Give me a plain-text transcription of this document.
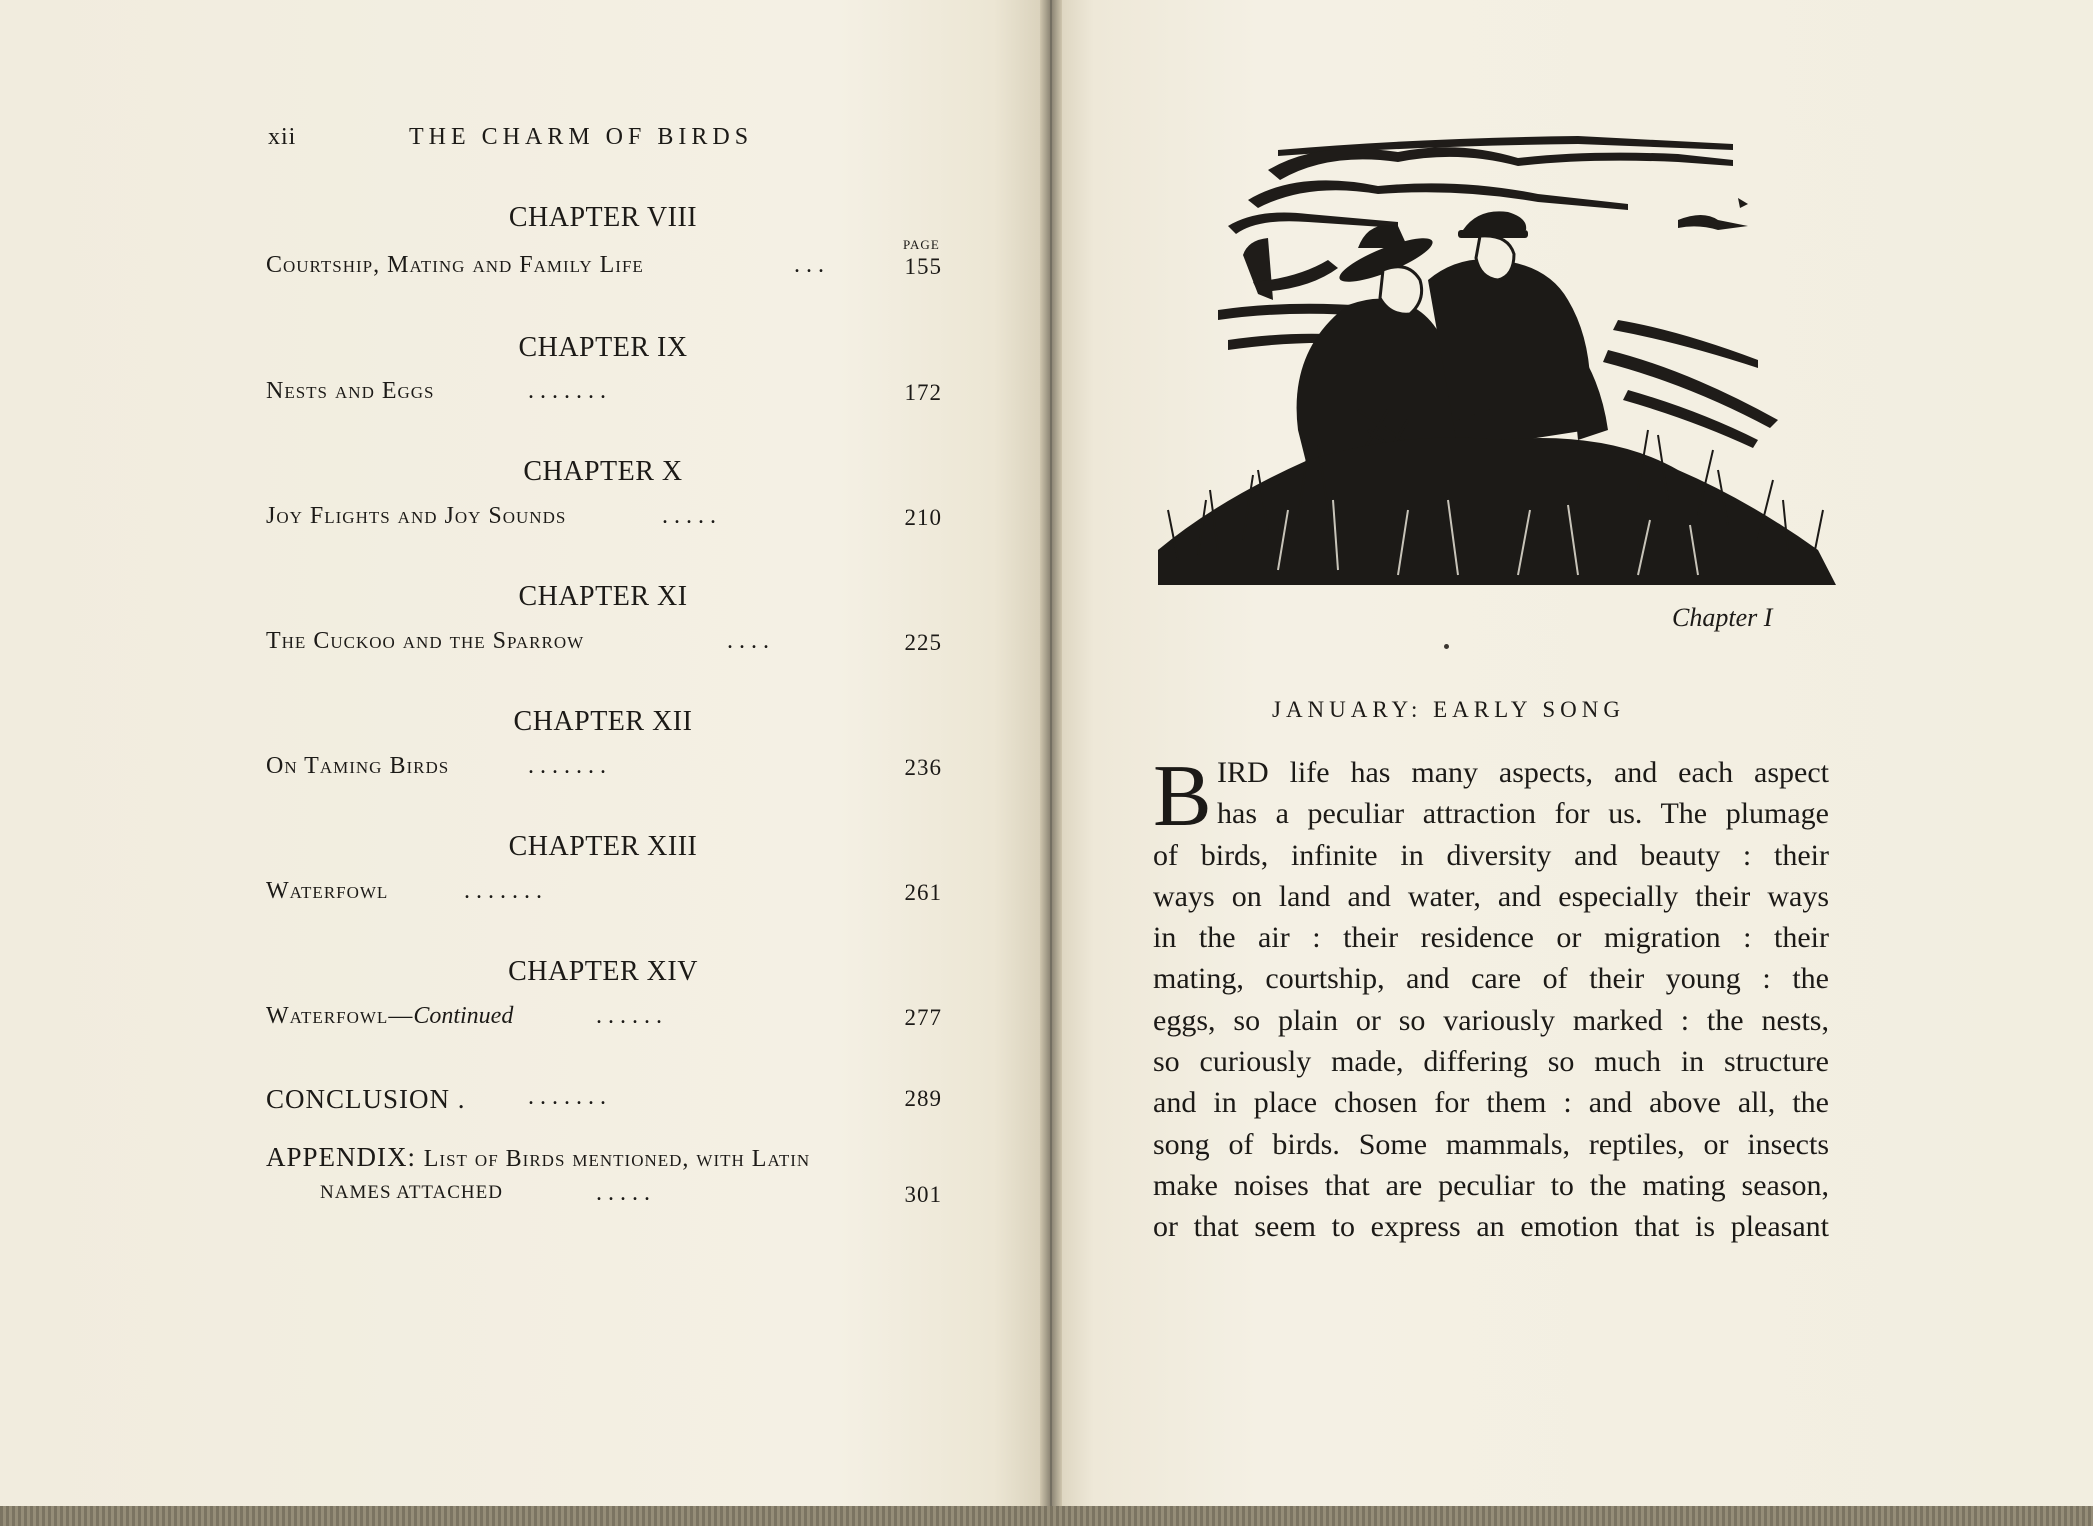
xii	THE CHARM OF BIRDS
CHAPTER VIII
PAGE
Courtship, Mating and Family Life	. . .	155
CHAPTER IX
Nests and Eggs	. . . . . . .	172
CHAPTER X
Joy Flights and Joy Sounds	. . . . .	210
CHAPTER XI
The Cuckoo and the Sparrow	. . . .	225
CHAPTER XII
On Taming Birds	. . . . . . .	236
CHAPTER XIII
Waterfowl	. . . . . . .	261
CHAPTER XIV
Waterfowl—Continued	. . . . . .	277
CONCLUSION .	. . . . . . .	289
APPENDIX: List of Birds mentioned, with Latin
NAMES ATTACHED	. . . . .	301
Chapter I
JANUARY: EARLY SONG
B IRD life has many aspects, and each aspect
has a peculiar attraction for us. The plumage
of birds, infinite in diversity and beauty : their
ways on land and water, and especially their ways
in the air : their residence or migration : their
mating, courtship, and care of their young : the
eggs, so plain or so variously marked : the nests,
so curiously made, differing so much in structure
and in place chosen for them : and above all, the
song of birds. Some mammals, reptiles, or insects
make noises that are peculiar to the mating season,
or that seem to express an emotion that is pleasant
